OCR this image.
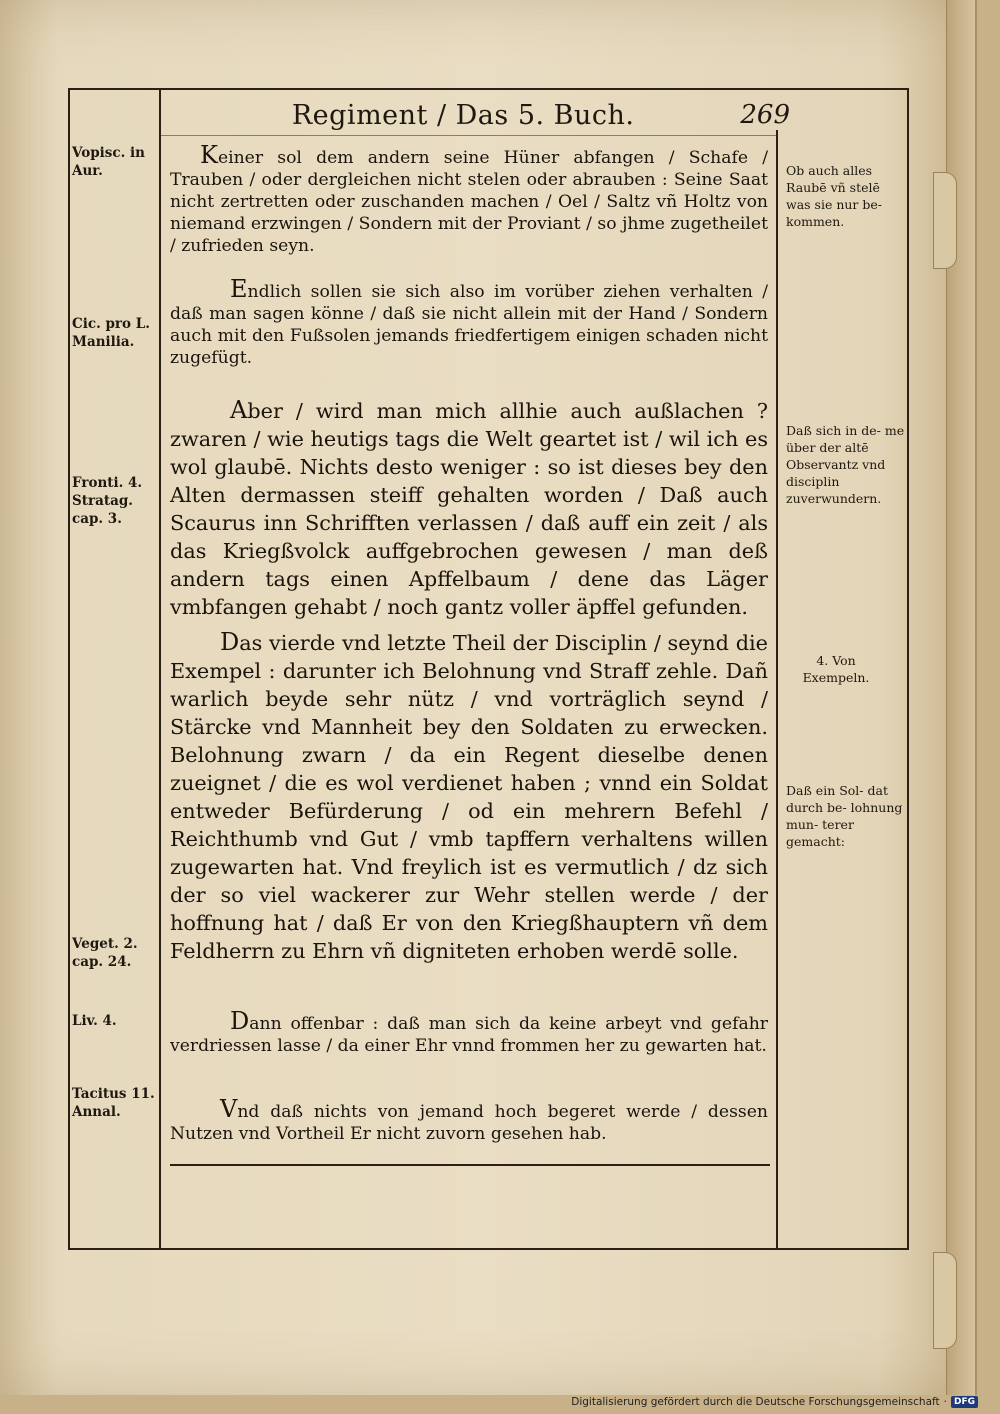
Regiment / Das 5. Buch.	269
Vopisc. in Aur.
Cic. pro L. Manilia.
Fronti. 4. Stratag. cap. 3.
Veget. 2. cap. 24.
Liv. 4.
Tacitus 11. Annal.
Ob auch alles Raubē vñ stelē was sie nur be- kommen.
Daß sich in de- me über der altē Observantz vnd disciplin zuverwundern.
4. Von Exempeln.
Daß ein Sol- dat durch be- lohnung mun- terer gemacht:
Keiner sol dem andern seine Hüner abfangen / Schafe / Trauben / oder dergleichen nicht stelen oder abrauben : Seine Saat nicht zertretten oder zuschanden machen / Oel / Saltz vñ Holtz von niemand erzwingen / Sondern mit der Proviant / so jhme zugetheilet / zufrieden seyn.
Endlich sollen sie sich also im vorüber ziehen verhalten / daß man sagen könne / daß sie nicht allein mit der Hand / Sondern auch mit den Fußsolen jemands friedfertigem einigen schaden nicht zugefügt.
Aber / wird man mich allhie auch außlachen ? zwaren / wie heutigs tags die Welt geartet ist / wil ich es wol glaubē. Nichts desto weniger : so ist dieses bey den Alten dermassen steiff gehalten worden / Daß auch Scaurus inn Schrifften verlassen / daß auff ein zeit / als das Kriegßvolck auffgebrochen gewesen / man deß andern tags einen Apffelbaum / dene das Läger vmbfangen gehabt / noch gantz voller äpffel gefunden.
Das vierde vnd letzte Theil der Disciplin / seynd die Exempel : darunter ich Belohnung vnd Straff zehle. Dañ warlich beyde sehr nütz / vnd vorträglich seynd / Stärcke vnd Mannheit bey den Soldaten zu erwecken. Belohnung zwarn / da ein Regent dieselbe denen zueignet / die es wol verdienet haben ; vnnd ein Soldat entweder Befürderung / od ein mehrern Befehl / Reichthumb vnd Gut / vmb tapffern verhaltens willen zugewarten hat. Vnd freylich ist es vermutlich / dz sich der so viel wackerer zur Wehr stellen werde / der hoffnung hat / daß Er von den Kriegßhauptern vñ dem Feldherrn zu Ehrn vñ digniteten erhoben werdē solle.
Dann offenbar : daß man sich da keine arbeyt vnd gefahr verdriessen lasse / da einer Ehr vnnd frommen her zu gewarten hat.
Vnd daß nichts von jemand hoch begeret werde / dessen Nutzen vnd Vortheil Er nicht zuvorn gesehen hab.
Digitalisierung gefördert durch die Deutsche Forschungsgemeinschaft · DFG
